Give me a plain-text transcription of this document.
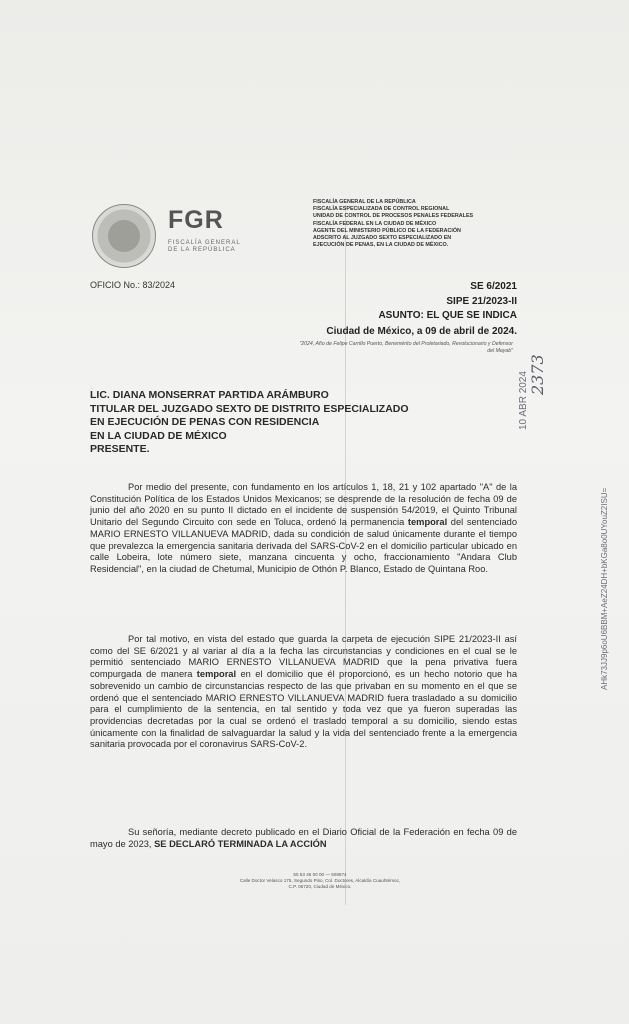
FGR
FISCALÍA GENERAL
DE LA REPÚBLICA
FISCALÍA GENERAL DE LA REPÚBLICA
FISCALÍA ESPECIALIZADA DE CONTROL REGIONAL
UNIDAD DE CONTROL DE PROCESOS PENALES FEDERALES
FISCALÍA FEDERAL EN LA CIUDAD DE MÉXICO
AGENTE DEL MINISTERIO PÚBLICO DE LA FEDERACIÓN
ADSCRITO AL JUZGADO SEXTO ESPECIALIZADO EN
EJECUCIÓN DE PENAS, EN LA CIUDAD DE MÉXICO.
OFICIO No.: 83/2024	SE 6/2021
SIPE 21/2023-II
ASUNTO: EL QUE SE INDICA
Ciudad de México, a 09 de abril de 2024.
"2024, Año de Felipe Carrillo Puerto, Benemérito del Proletariado, Revolucionario y Defensor del Mayab"
LIC. DIANA MONSERRAT PARTIDA ARÁMBURO
TITULAR DEL JUZGADO SEXTO DE DISTRITO ESPECIALIZADO
EN EJECUCIÓN DE PENAS CON RESIDENCIA
EN LA CIUDAD DE MÉXICO
PRESENTE.

Por medio del presente, con fundamento en los artículos 1, 18, 21 y 102 apartado "A" de la Constitución Política de los Estados Unidos Mexicanos; se desprende de la resolución de fecha 09 de junio del año 2020 en su punto II dictado en el incidente de suspensión 54/2019, el Quinto Tribunal Unitario del Segundo Circuito con sede en Toluca, ordenó la permanencia temporal del sentenciado MARIO ERNESTO VILLANUEVA MADRID, dada su condición de salud únicamente durante el tiempo que prevalezca la emergencia sanitaria derivada del SARS-CoV-2 en el domicilio particular ubicado en calle Lobeira, lote número siete, manzana cincuenta y ocho, fraccionamiento "Andara Club Residencial", en la ciudad de Chetumal, Municipio de Othón P. Blanco, Estado de Quintana Roo.

Por tal motivo, en vista del estado que guarda la carpeta de ejecución SIPE 21/2023-II así como del SE 6/2021 y al variar al día a la fecha las circunstancias y condiciones en el cual se le permitió sentenciado MARIO ERNESTO VILLANUEVA MADRID que la pena privativa fuera compurgada de manera temporal en el domicilio que él proporcionó, es un hecho notorio que ha sobrevenido un cambio de circunstancias respecto de las que privaban en su momento en el que se ordenó que el sentenciado MARIO ERNESTO VILLANUEVA MADRID fuera trasladado a su domicilio para el cumplimiento de la sentencia, en tal sentido y toda vez que ya fueron superadas las providencias decretadas por la cual se ordenó el traslado temporal a su domicilio, siendo estas únicamente con la finalidad de salvaguardar la salud y la vida del sentenciado frente a la emergencia sanitaria provocada por el coronavirus SARS-CoV-2.

Su señoría, mediante decreto publicado en el Diario Oficial de la Federación en fecha 09 de mayo de 2023, SE DECLARÓ TERMINADA LA ACCIÓN

55 53 46 00 00 — 508874
Calle Doctor Velasco 175, Segundo Piso, Col. Doctores, Alcaldía Cuauhtémoc,
C.P. 06720, Ciudad de México.
AHk73JJ9p6oU6BBM+AeZ24DH+bKGa8o0UYouZ2ISU=
10 ABR 2024 2373
